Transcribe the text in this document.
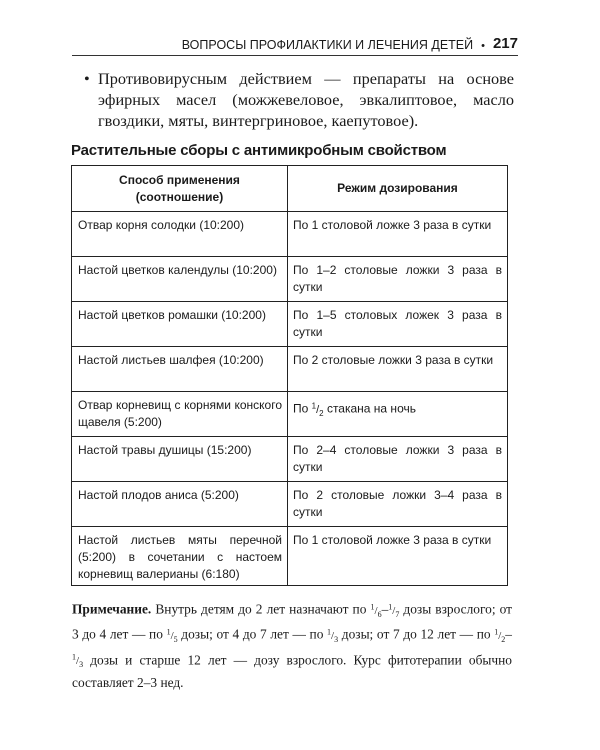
ВОПРОСЫ ПРОФИЛАКТИКИ И ЛЕЧЕНИЯ ДЕТЕЙ • 217
• Противовирусным действием — препараты на основе эфирных масел (можжевеловое, эвкалиптовое, масло гвоздики, мяты, винтергриновое, каепутовое).
Растительные сборы с антимикробным свойством
Способ применения (соотношение)	Режим дозирования
Отвар корня солодки (10:200)	По 1 столовой ложке 3 раза в сутки
Настой цветков календулы (10:200)	По 1–2 столовые ложки 3 раза в сутки
Настой цветков ромашки (10:200)	По 1–5 столовых ложек 3 раза в сутки
Настой листьев шалфея (10:200)	По 2 столовые ложки 3 раза в сутки
Отвар корневищ с корнями конского щавеля (5:200)	По $^1/_2$ стакана на ночь
Настой травы душицы (15:200)	По 2–4 столовые ложки 3 раза в сутки
Настой плодов аниса (5:200)	По 2 столовые ложки 3–4 раза в сутки
Настой листьев мяты перечной (5:200) в сочетании с настоем корневищ валерианы (6:180)	По 1 столовой ложке 3 раза в сутки
Примечание. Внутрь детям до 2 лет назначают по $^1/_6-^1/_7$ дозы взрослого; от 3 до 4 лет — по $^1/_5$ дозы; от 4 до 7 лет — по $^1/_3$ дозы; от 7 до 12 лет — по $^1/_2-^1/_3$ дозы и старше 12 лет — дозу взрослого. Курс фитотерапии обычно составляет 2–3 нед.
